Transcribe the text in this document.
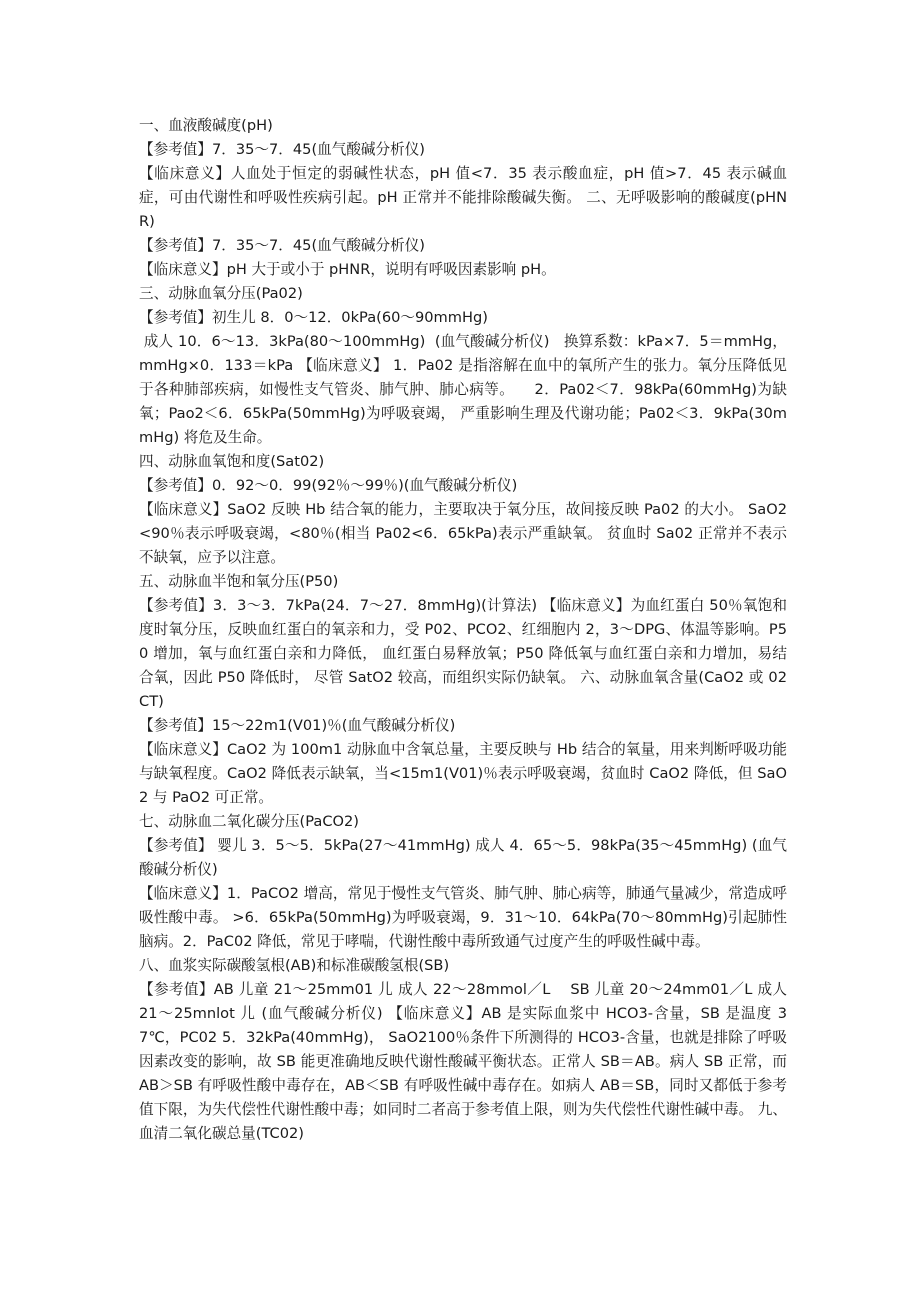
一、血液酸碱度(pH)

【参考值】7．35～7．45(血气酸碱分析仪)

【临床意义】人血处于恒定的弱碱性状态，pH 值<7．35 表示酸血症，pH 值>7．45 表示碱血症，可由代谢性和呼吸性疾病引起。pH 正常并不能排除酸碱失衡。 二、无呼吸影响的酸碱度(pHNR)

【参考值】7．35～7．45(血气酸碱分析仪)

【临床意义】pH 大于或小于 pHNR，说明有呼吸因素影响 pH。

三、动脉血氧分压(Pa02)

【参考值】初生儿 8．0～12．0kPa(60～90mmHg)

成人 10．6～13．3kPa(80～100mmHg)  (血气酸碱分析仪)   换算系数：kPa×7．5＝mmHg，mmHg×0．133＝kPa 【临床意义】 1．Pa02 是指溶解在血中的氧所产生的张力。氧分压降低见于各种肺部疾病，如慢性支气管炎、肺气肿、肺心病等。    2．Pa02＜7．98kPa(60mmHg)为缺氧；Pao2＜6．65kPa(50mmHg)为呼吸衰竭， 严重影响生理及代谢功能；Pa02＜3．9kPa(30mmHg) 将危及生命。

四、动脉血氧饱和度(Sat02)

【参考值】0．92～0．99(92％～99％)(血气酸碱分析仪)

【临床意义】SaO2 反映 Hb 结合氧的能力，主要取决于氧分压，故间接反映 Pa02 的大小。 SaO2<90％表示呼吸衰竭，<80％(相当 Pa02<6．65kPa)表示严重缺氧。 贫血时 Sa02 正常并不表示不缺氧，应予以注意。

五、动脉血半饱和氧分压(P50)

【参考值】3．3～3．7kPa(24．7～27．8mmHg)(计算法) 【临床意义】为血红蛋白 50％氧饱和度时氧分压，反映血红蛋白的氧亲和力，受 P02、PCO2、红细胞内 2，3～DPG、体温等影响。P50 增加，氧与血红蛋白亲和力降低， 血红蛋白易释放氧；P50 降低氧与血红蛋白亲和力增加，易结合氧，因此 P50 降低时， 尽管 SatO2 较高，而组织实际仍缺氧。 六、动脉血氧含量(CaO2 或 02CT)

【参考值】15～22m1(V01)％(血气酸碱分析仪)

【临床意义】CaO2 为 100m1 动脉血中含氧总量，主要反映与 Hb 结合的氧量，用来判断呼吸功能与缺氧程度。CaO2 降低表示缺氧，当<15m1(V01)％表示呼吸衰竭，贫血时 CaO2 降低，但 SaO2 与 PaO2 可正常。

七、动脉血二氧化碳分压(PaCO2)

【参考值】 婴儿 3．5～5．5kPa(27～41mmHg) 成人 4．65～5．98kPa(35～45mmHg) (血气酸碱分析仪)

【临床意义】1．PaCO2 增高，常见于慢性支气管炎、肺气肿、肺心病等，肺通气量减少，常造成呼吸性酸中毒。 >6．65kPa(50mmHg)为呼吸衰竭，9．31～10．64kPa(70～80mmHg)引起肺性脑病。2．PaC02 降低，常见于哮喘，代谢性酸中毒所致通气过度产生的呼吸性碱中毒。

八、血浆实际碳酸氢根(AB)和标准碳酸氢根(SB)

【参考值】AB 儿童 21～25mm01 儿 成人 22～28mmol／L    SB 儿童 20～24mm01／L 成人 21～25mnlot 儿 (血气酸碱分析仪) 【临床意义】AB 是实际血浆中 HCO3-含量，SB 是温度 37℃，PC02 5．32kPa(40mmHg)， SaO2100％条件下所测得的 HCO3-含量，也就是排除了呼吸因素改变的影响，故 SB 能更准确地反映代谢性酸碱平衡状态。正常人 SB＝AB。病人 SB 正常，而 AB＞SB 有呼吸性酸中毒存在，AB＜SB 有呼吸性碱中毒存在。如病人 AB＝SB，同时又都低于参考值下限，为失代偿性代谢性酸中毒；如同时二者高于参考值上限，则为失代偿性代谢性碱中毒。 九、血清二氧化碳总量(TC02)
